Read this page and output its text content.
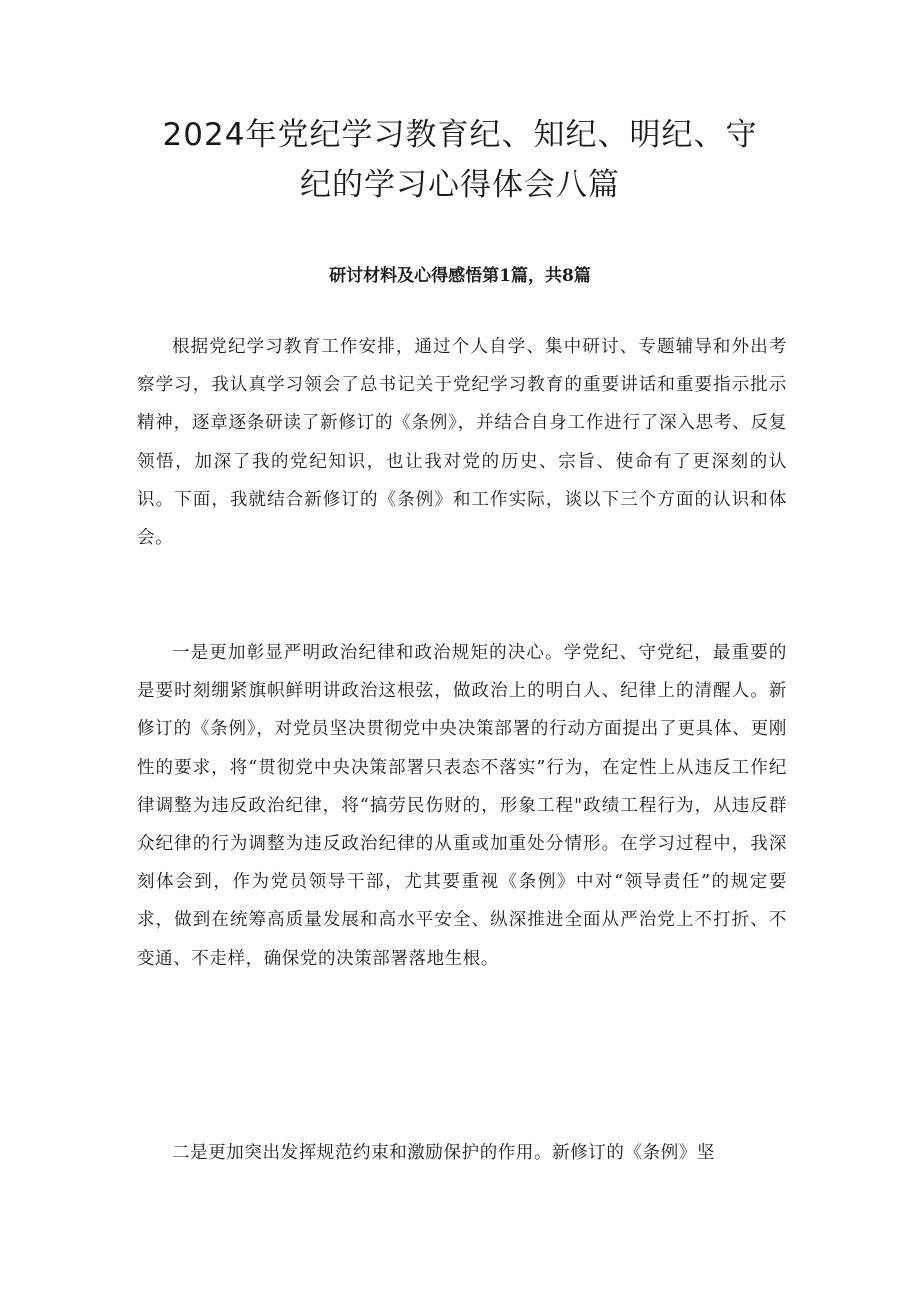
2024年党纪学习教育纪、知纪、明纪、守
纪的学习心得体会八篇
研讨材料及心得感悟第1篇，共8篇

根据党纪学习教育工作安排，通过个人自学、集中研讨、专题辅导和外出考察学习，我认真学习领会了总书记关于党纪学习教育的重要讲话和重要指示批示精神，逐章逐条研读了新修订的《条例》，并结合自身工作进行了深入思考、反复领悟，加深了我的党纪知识，也让我对党的历史、宗旨、使命有了更深刻的认识。下面，我就结合新修订的《条例》和工作实际，谈以下三个方面的认识和体会。

一是更加彰显严明政治纪律和政治规矩的决心。学党纪、守党纪，最重要的是要时刻绷紧旗帜鲜明讲政治这根弦，做政治上的明白人、纪律上的清醒人。新修订的《条例》，对党员坚决贯彻党中央决策部署的行动方面提出了更具体、更刚性的要求，将“贯彻党中央决策部署只表态不落实”行为，在定性上从违反工作纪律调整为违反政治纪律，将“搞劳民伤财的，形象工程"政绩工程行为，从违反群众纪律的行为调整为违反政治纪律的从重或加重处分情形。在学习过程中，我深刻体会到，作为党员领导干部，尤其要重视《条例》中对“领导责任”的规定要求，做到在统筹高质量发展和高水平安全、纵深推进全面从严治党上不打折、不变通、不走样，确保党的决策部署落地生根。

二是更加突出发挥规范约束和激励保护的作用。新修订的《条例》坚
